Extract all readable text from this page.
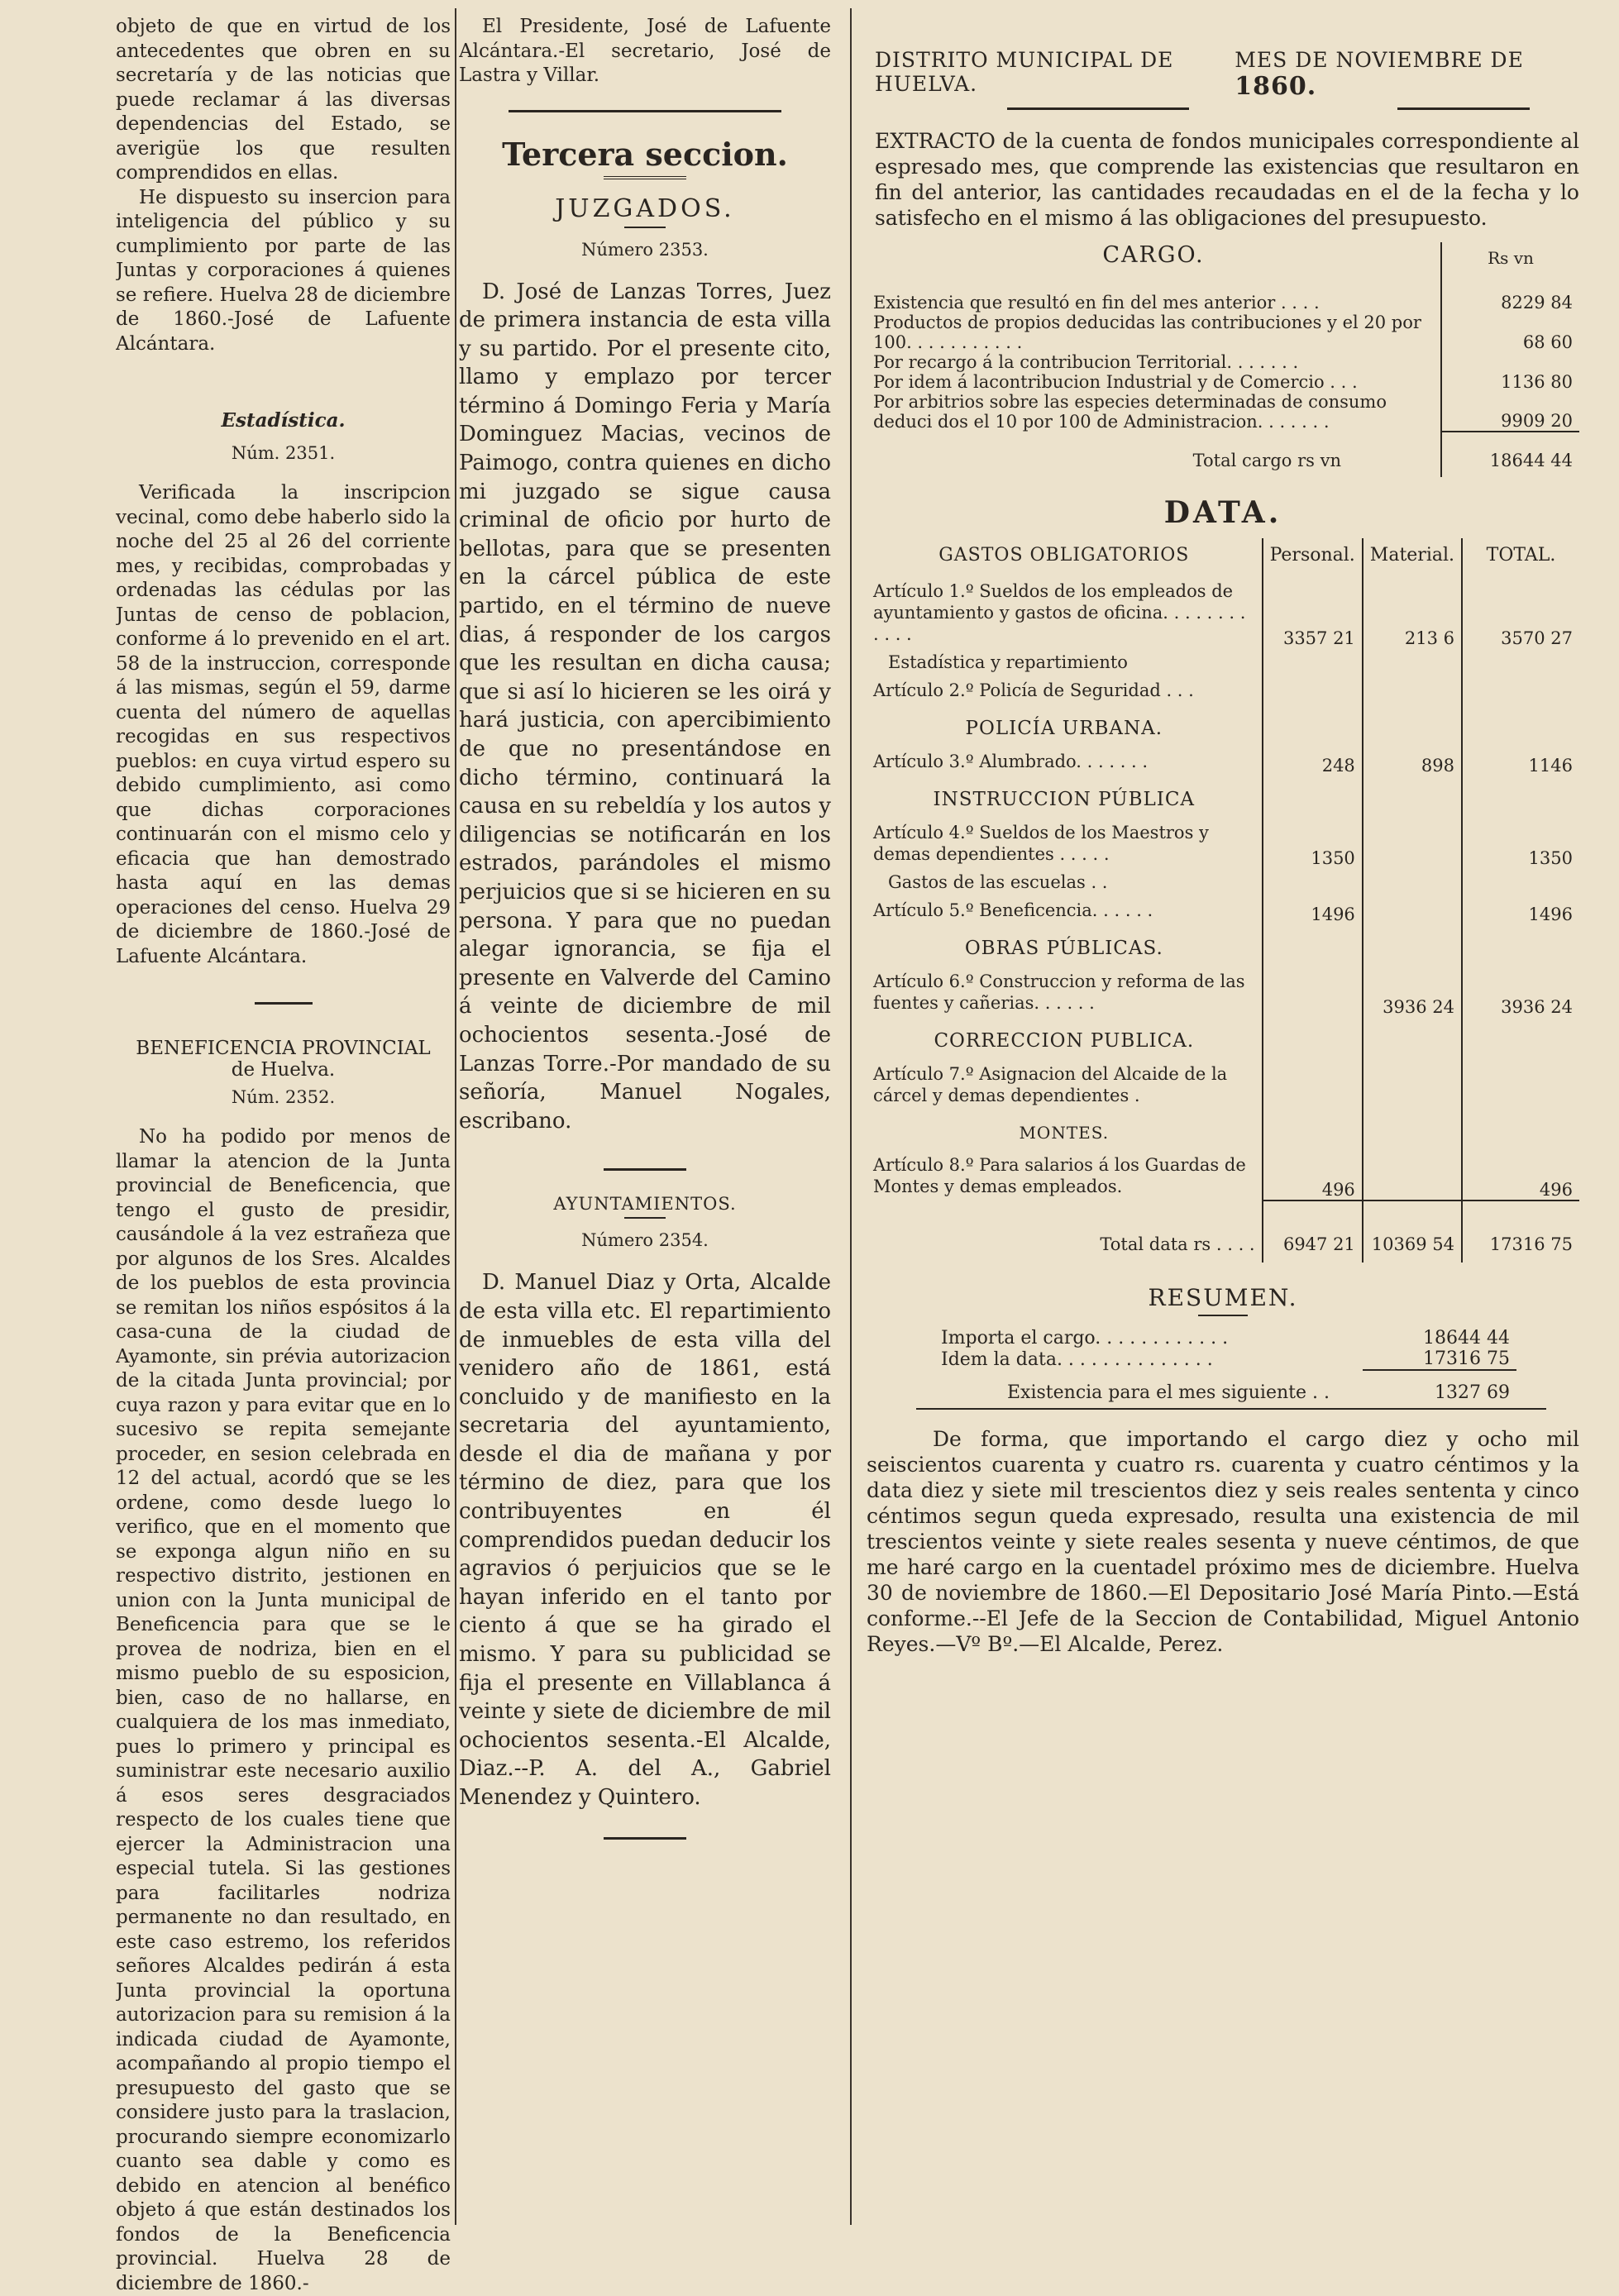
objeto de que en virtud de los antecedentes que obren en su secretaría y de las noticias que puede reclamar á las diversas dependencias del Estado, se averigüe los que resulten comprendidos en ellas.

He dispuesto su insercion para inteligencia del público y su cumplimiento por parte de las Juntas y corporaciones á quienes se refiere. Huelva 28 de diciembre de 1860.-José de Lafuente Alcántara.

Estadística.
Núm. 2351.

Verificada la inscripcion vecinal, como debe haberlo sido la noche del 25 al 26 del corriente mes, y recibidas, comprobadas y ordenadas las cédulas por las Juntas de censo de poblacion, conforme á lo prevenido en el art. 58 de la instruccion, corresponde á las mismas, según el 59, darme cuenta del número de aquellas recogidas en sus respectivos pueblos: en cuya virtud espero su debido cumplimiento, asi como que dichas corporaciones continuarán con el mismo celo y eficacia que han demostrado hasta aquí en las demas operaciones del censo. Huelva 29 de diciembre de 1860.-José de Lafuente Alcántara.

BENEFICENCIA PROVINCIAL
de Huelva.
Núm. 2352.

No ha podido por menos de llamar la atencion de la Junta provincial de Beneficencia, que tengo el gusto de presidir, causándole á la vez estrañeza que por algunos de los Sres. Alcaldes de los pueblos de esta provincia se remitan los niños espósitos á la casa-cuna de la ciudad de Ayamonte, sin prévia autorizacion de la citada Junta provincial; por cuya razon y para evitar que en lo sucesivo se repita semejante proceder, en sesion celebrada en 12 del actual, acordó que se les ordene, como desde luego lo verifico, que en el momento que se exponga algun niño en su respectivo distrito, jestionen en union con la Junta municipal de Beneficencia para que se le provea de nodriza, bien en el mismo pueblo de su esposicion, bien, caso de no hallarse, en cualquiera de los mas inmediato, pues lo primero y principal es suministrar este necesario auxilio á esos seres desgraciados respecto de los cuales tiene que ejercer la Administracion una especial tutela. Si las gestiones para facilitarles nodriza permanente no dan resultado, en este caso estremo, los referidos señores Alcaldes pedirán á esta Junta provincial la oportuna autorizacion para su remision á la indicada ciudad de Ayamonte, acompañando al propio tiempo el presupuesto del gasto que se considere justo para la traslacion, procurando siempre economizarlo cuanto sea dable y como es debido en atencion al benéfico objeto á que están destinados los fondos de la Beneficencia provincial. Huelva 28 de diciembre de 1860.-

El Presidente, José de Lafuente Alcántara.-El secretario, José de Lastra y Villar.

Tercera seccion.
JUZGADOS.
Número 2353.

D. José de Lanzas Torres, Juez de primera instancia de esta villa y su partido. Por el presente cito, llamo y emplazo por tercer término á Domingo Feria y María Dominguez Macias, vecinos de Paimogo, contra quienes en dicho mi juzgado se sigue causa criminal de oficio por hurto de bellotas, para que se presenten en la cárcel pública de este partido, en el término de nueve dias, á responder de los cargos que les resultan en dicha causa; que si así lo hicieren se les oirá y hará justicia, con apercibimiento de que no presentándose en dicho término, continuará la causa en su rebeldía y los autos y diligencias se notificarán en los estrados, parándoles el mismo perjuicios que si se hicieren en su persona. Y para que no puedan alegar ignorancia, se fija el presente en Valverde del Camino á veinte de diciembre de mil ochocientos sesenta.-José de Lanzas Torre.-Por mandado de su señoría, Manuel Nogales, escribano.

AYUNTAMIENTOS.
Número 2354.

D. Manuel Diaz y Orta, Alcalde de esta villa etc. El repartimiento de inmuebles de esta villa del venidero año de 1861, está concluido y de manifiesto en la secretaria del ayuntamiento, desde el dia de mañana y por término de diez, para que los contribuyentes en él comprendidos puedan deducir los agravios ó perjuicios que se le hayan inferido en el tanto por ciento á que se ha girado el mismo. Y para su publicidad se fija el presente en Villablanca á veinte y siete de diciembre de mil ochocientos sesenta.-El Alcalde, Diaz.--P. A. del A., Gabriel Menendez y Quintero.

DISTRITO MUNICIPAL DE HUELVA.
MES DE NOVIEMBRE DE 1860.

EXTRACTO de la cuenta de fondos municipales correspondiente al espresado mes, que comprende las existencias que resultaron en fin del anterior, las cantidades recaudadas en el de la fecha y lo satisfecho en el mismo á las obligaciones del presupuesto.

CARGO.	Rs vn
Existencia que resultó en fin del mes anterior . . . .	8229 84
Productos de propios deducidas las contribuciones y el 20 por 100. . . . . . . . . . .	68 60
Por recargo á la contribucion Territorial. . . . . . .	
Por idem á lacontribucion Industrial y de Comercio . . .	1136 80
Por arbitrios sobre las especies determinadas de consumo deduci dos el 10 por 100 de Administracion. . . . . . .	9909 20
Total cargo rs vn	18644 44
DATA.
GASTOS OBLIGATORIOS	Personal.	Material.	TOTAL.
Artículo 1.º Sueldos de los empleados de ayuntamiento y gastos de oficina. . . . . . . . . . . .	3357 21	213 6	3570 27
Estadística y repartimiento			
Artículo 2.º Policía de Seguridad . . .			
POLICÍA URBANA.			
Artículo 3.º Alumbrado. . . . . . .	248	898	1146
INSTRUCCION PÚBLICA			
Artículo 4.º Sueldos de los Maestros y demas dependientes . . . . .	1350		1350
Gastos de las escuelas . .			
Artículo 5.º Beneficencia. . . . . .	1496		1496
OBRAS PÚBLICAS.			
Artículo 6.º Construccion y reforma de las fuentes y cañerias. . . . . .		3936 24	3936 24
CORRECCION PUBLICA.			
Artículo 7.º Asignacion del Alcaide de la cárcel y demas dependientes .			
MONTES.			
Artículo 8.º Para salarios á los Guardas de Montes y demas empleados.	496		496
Total data rs . . . .	6947 21	10369 54	17316 75
RESUMEN.
Importa el cargo. . . . . . . . . . . .	18644 44	
Idem la data. . . . . . . . . . . . . .	17316 75	
Existencia para el mes siguiente . .	1327 69	

De forma, que importando el cargo diez y ocho mil seiscientos cuarenta y cuatro rs. cuarenta y cuatro céntimos y la data diez y siete mil trescientos diez y seis reales sententa y cinco céntimos segun queda expresado, resulta una existencia de mil trescientos veinte y siete reales sesenta y nueve céntimos, de que me haré cargo en la cuentadel próximo mes de diciembre. Huelva 30 de noviembre de 1860.—El Depositario José María Pinto.—Está conforme.--El Jefe de la Seccion de Contabilidad, Miguel Antonio Reyes.—Vº Bº.—El Alcalde, Perez.
